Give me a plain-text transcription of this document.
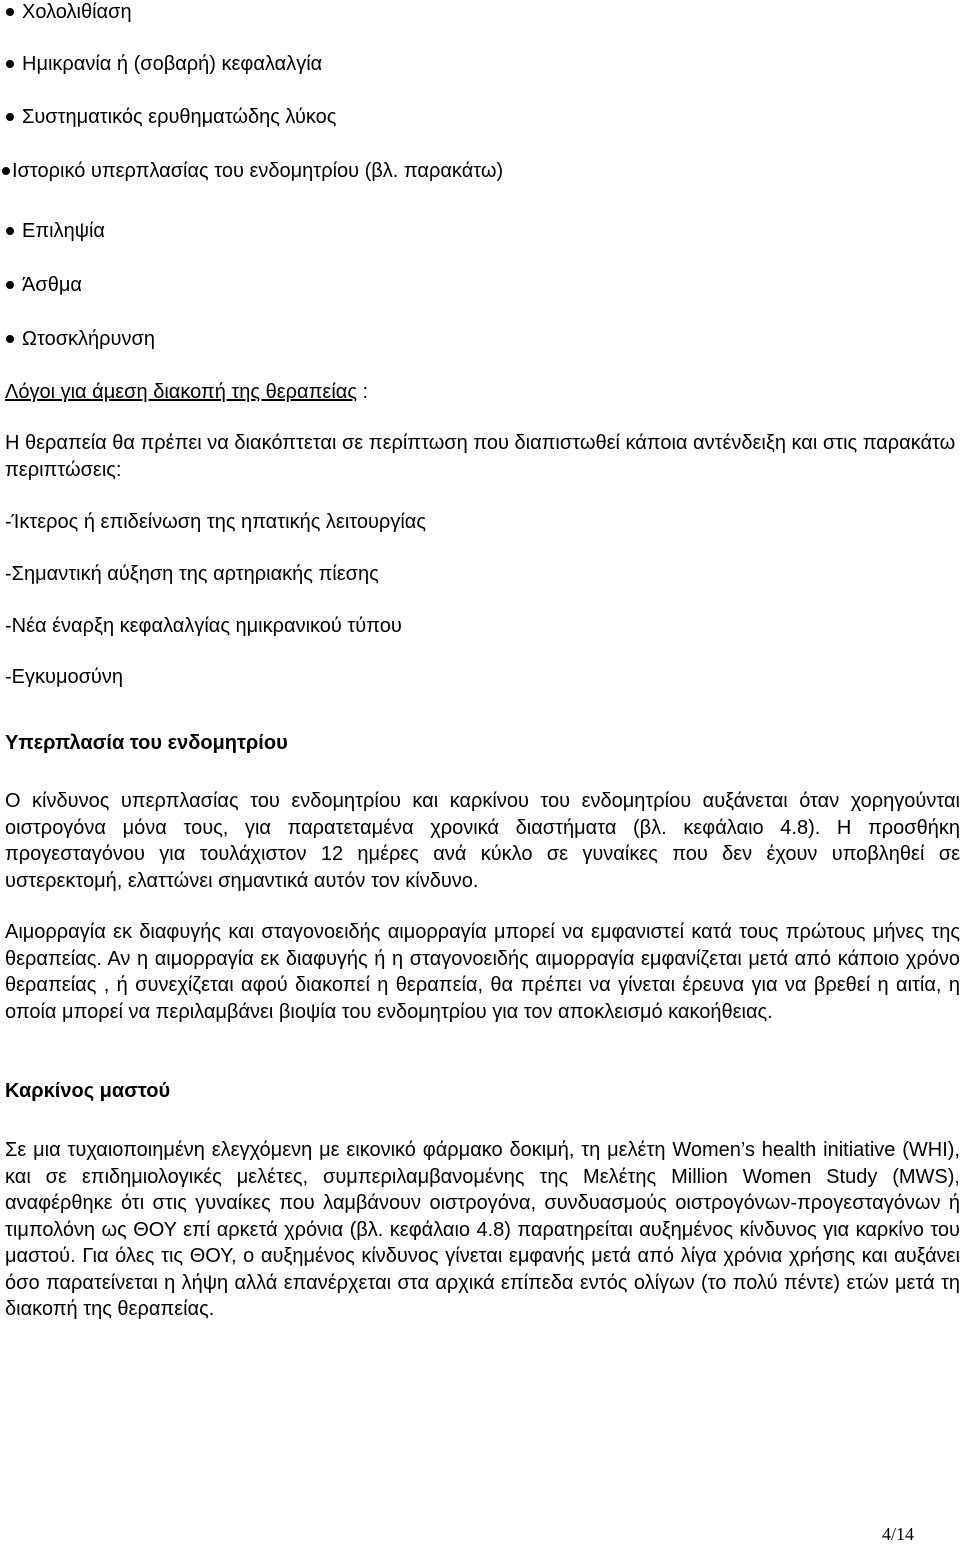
Χολολιθίαση
Ημικρανία ή (σοβαρή) κεφαλαλγία
Συστηματικός ερυθηματώδης λύκος
Ιστορικό υπερπλασίας του ενδομητρίου (βλ. παρακάτω)
Επιληψία
Άσθμα
Ωτοσκλήρυνση
Λόγοι για άμεση διακοπή της θεραπείας :
Η θεραπεία θα πρέπει να διακόπτεται σε περίπτωση που διαπιστωθεί κάποια αντένδειξη και στις παρακάτω περιπτώσεις:
-Ίκτερος ή επιδείνωση της ηπατικής λειτουργίας
-Σημαντική αύξηση της αρτηριακής πίεσης
-Νέα έναρξη κεφαλαλγίας ημικρανικού τύπου
-Εγκυμοσύνη
Υπερπλασία του ενδομητρίου
Ο κίνδυνος υπερπλασίας του ενδομητρίου και καρκίνου του ενδομητρίου αυξάνεται όταν χορηγούνται οιστρογόνα μόνα τους, για παρατεταμένα χρονικά διαστήματα (βλ. κεφάλαιο 4.8). Η προσθήκη προγεσταγόνου για τουλάχιστον 12 ημέρες ανά κύκλο σε γυναίκες που δεν έχουν υποβληθεί σε υστερεκτομή, ελαττώνει σημαντικά αυτόν τον κίνδυνο.
Αιμορραγία εκ διαφυγής και σταγονοειδής αιμορραγία μπορεί να εμφανιστεί κατά τους πρώτους μήνες της θεραπείας. Αν η αιμορραγία εκ διαφυγής ή η σταγονοειδής αιμορραγία εμφανίζεται μετά από κάποιο χρόνο θεραπείας , ή συνεχίζεται αφού διακοπεί η θεραπεία, θα πρέπει να γίνεται έρευνα για να βρεθεί η αιτία, η οποία μπορεί να περιλαμβάνει βιοψία του ενδομητρίου για τον αποκλεισμό κακοήθειας.
Καρκίνος μαστού
Σε μια τυχαιοποιημένη ελεγχόμενη με εικονικό φάρμακο δοκιμή, τη μελέτη Women’s health initiative (WHI), και σε επιδημιολογικές μελέτες, συμπεριλαμβανομένης της Μελέτης Million Women Study (MWS), αναφέρθηκε ότι στις γυναίκες που λαμβάνουν οιστρογόνα, συνδυασμούς οιστρογόνων-προγεσταγόνων ή τιμπολόνη ως ΘΟΥ επί αρκετά χρόνια (βλ. κεφάλαιο 4.8) παρατηρείται αυξημένος κίνδυνος για καρκίνο του μαστού. Για όλες τις ΘΟΥ, ο αυξημένος κίνδυνος γίνεται εμφανής μετά από λίγα χρόνια χρήσης και αυξάνει όσο παρατείνεται η λήψη αλλά επανέρχεται στα αρχικά επίπεδα εντός ολίγων (το πολύ πέντε) ετών μετά τη διακοπή της θεραπείας.
4/14
